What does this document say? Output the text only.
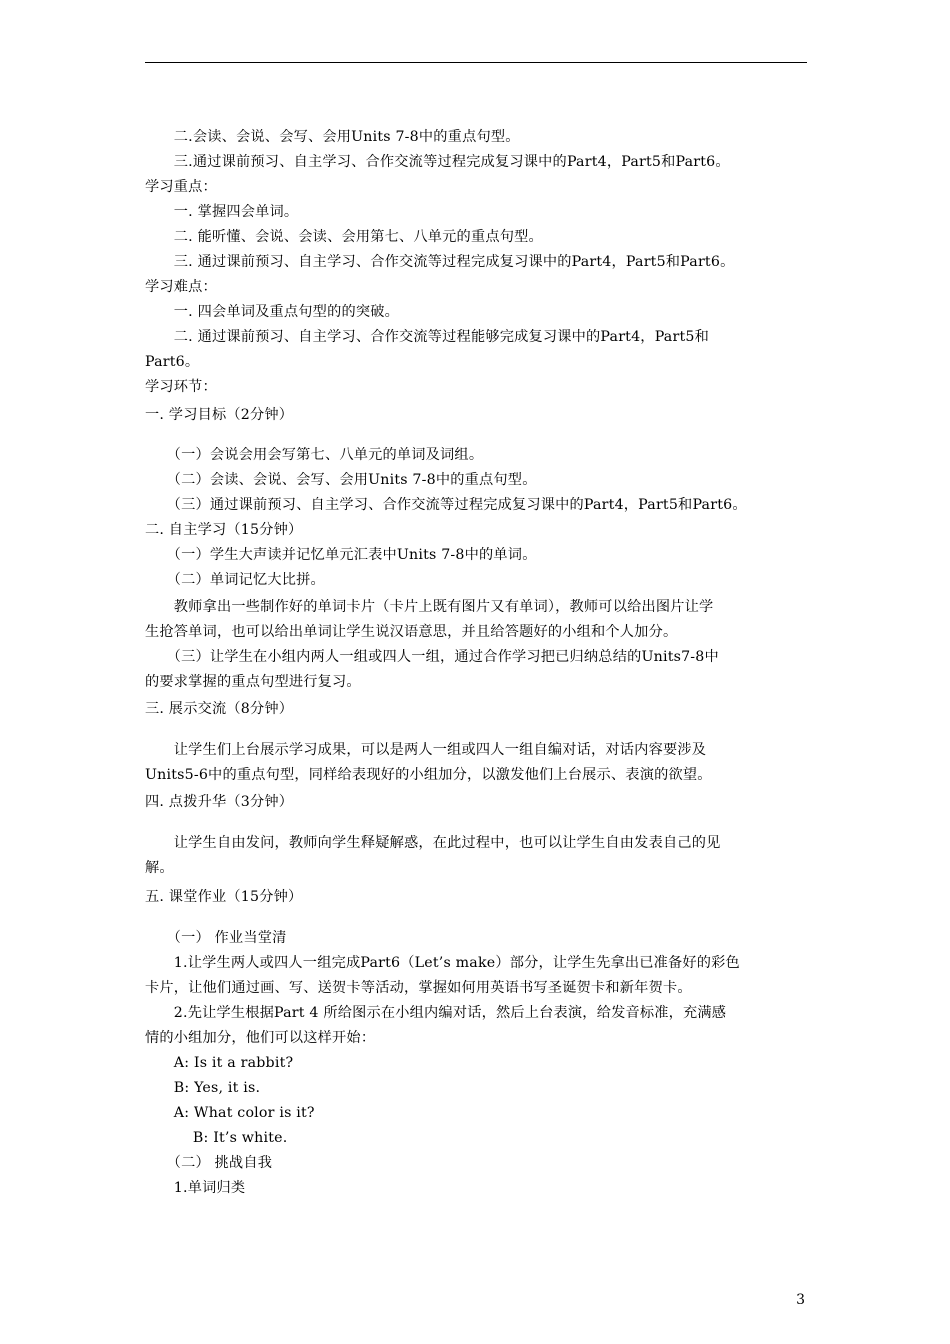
　　二.会读、会说、会写、会用Units 7-8中的重点句型。
　　三.通过课前预习、自主学习、合作交流等过程完成复习课中的Part4，Part5和Part6。
学习重点：
　　一. 掌握四会单词。
　　二. 能听懂、会说、会读、会用第七、八单元的重点句型。
　　三. 通过课前预习、自主学习、合作交流等过程完成复习课中的Part4，Part5和Part6。
学习难点：
　　一. 四会单词及重点句型的的突破。
　　二. 通过课前预习、自主学习、合作交流等过程能够完成复习课中的Part4，Part5和
Part6。
学习环节：
一. 学习目标（2分钟）
　　（一）会说会用会写第七、八单元的单词及词组。
　　（二）会读、会说、会写、会用Units 7-8中的重点句型。
　　（三）通过课前预习、自主学习、合作交流等过程完成复习课中的Part4，Part5和Part6。
二. 自主学习（15分钟）
　　（一）学生大声读并记忆单元汇表中Units 7-8中的单词。
　　（二）单词记忆大比拼。
　　教师拿出一些制作好的单词卡片（卡片上既有图片又有单词），教师可以给出图片让学
生抢答单词，也可以给出单词让学生说汉语意思，并且给答题好的小组和个人加分。
　　（三）让学生在小组内两人一组或四人一组，通过合作学习把已归纳总结的Units7-8中
的要求掌握的重点句型进行复习。
三. 展示交流（8分钟）
　　让学生们上台展示学习成果，可以是两人一组或四人一组自编对话，对话内容要涉及
Units5-6中的重点句型，同样给表现好的小组加分，以激发他们上台展示、表演的欲望。
四. 点拨升华（3分钟）
　　让学生自由发问，教师向学生释疑解惑，在此过程中，也可以让学生自由发表自己的见
解。
五. 课堂作业（15分钟）
　　（一） 作业当堂清
　　1.让学生两人或四人一组完成Part6（Let’s make）部分，让学生先拿出已准备好的彩色
卡片，让他们通过画、写、送贺卡等活动，掌握如何用英语书写圣诞贺卡和新年贺卡。
　　2.先让学生根据Part 4 所给图示在小组内编对话，然后上台表演，给发音标准，充满感
情的小组加分，他们可以这样开始：
　　A: Is it a rabbit?
　　B: Yes, it is.
　　A: What color is it?
　　　 B: It’s white.
　　（二） 挑战自我
　　1.单词归类
3
